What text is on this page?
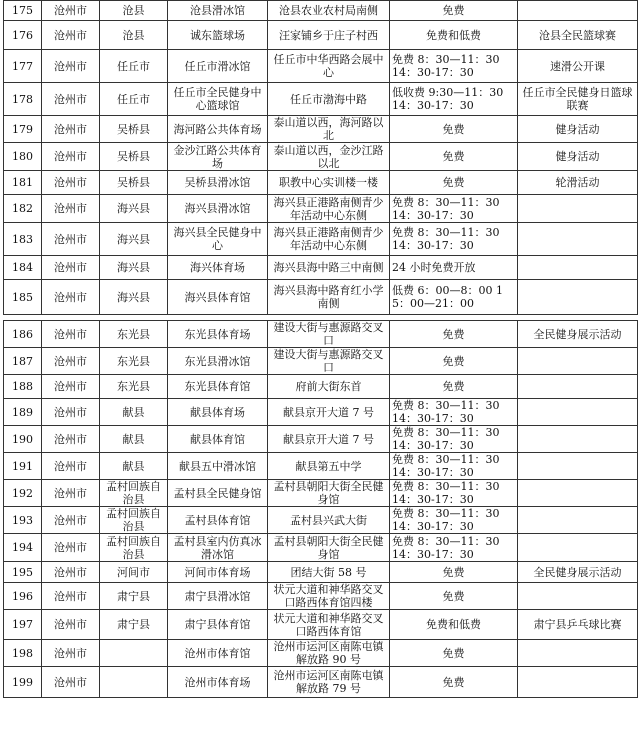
175	沧州市	沧县	沧县滑冰馆	沧县农业农村局南侧	免费	
176	沧州市	沧县	诚东篮球场	汪家铺乡于庄子村西	免费和低费	沧县全民篮球赛
177	沧州市	任丘市	任丘市滑冰馆	任丘市中华西路会展中心	免费 8：30—11：30　14：30-17：30	速滑公开课
178	沧州市	任丘市	任丘市全民健身中心篮球馆	任丘市渤海中路	低收费 9:30—11：30　14：30-17：30	任丘市全民健身日篮球联赛
179	沧州市	吴桥县	海河路公共体育场	泰山道以西，海河路以北	免费	健身活动
180	沧州市	吴桥县	金沙江路公共体育场	泰山道以西，金沙江路以北	免费	健身活动
181	沧州市	吴桥县	吴桥县滑冰馆	职教中心实训楼一楼	免费	轮滑活动
182	沧州市	海兴县	海兴县滑冰馆	海兴县正港路南侧青少年活动中心东侧	免费 8：30—11：30　14：30-17：30	
183	沧州市	海兴县	海兴县全民健身中心	海兴县正港路南侧青少年活动中心东侧	免费 8：30—11：30　14：30-17：30	
184	沧州市	海兴县	海兴体育场	海兴县海中路三中南侧	24 小时免费开放	
185	沧州市	海兴县	海兴县体育馆	海兴县海中路育红小学南侧	低费 6：00—8：00 15：00—21：00	
186	沧州市	东光县	东光县体育场	建设大街与惠源路交叉口	免费	全民健身展示活动
187	沧州市	东光县	东光县滑冰馆	建设大街与惠源路交叉口	免费	
188	沧州市	东光县	东光县体育馆	府前大街东首	免费	
189	沧州市	献县	献县体育场	献县京开大道 7 号	免费 8：30—11：30　14：30-17：30	
190	沧州市	献县	献县体育馆	献县京开大道 7 号	免费 8：30—11：30　14：30-17：30	
191	沧州市	献县	献县五中滑冰馆	献县第五中学	免费 8：30—11：30　14：30-17：30	
192	沧州市	孟村回族自治县	孟村县全民健身馆	孟村县朝阳大街全民健身馆	免费 8：30—11：30　14：30-17：30	
193	沧州市	孟村回族自治县	孟村县体育馆	孟村县兴武大街	免费 8：30—11：30　14：30-17：30	
194	沧州市	孟村回族自治县	孟村县室内仿真冰滑冰馆	孟村县朝阳大街全民健身馆	免费 8：30—11：30　14：30-17：30	
195	沧州市	河间市	河间市体育场	团结大街 58 号	免费	全民健身展示活动
196	沧州市	肃宁县	肃宁县滑冰馆	状元大道和神华路交叉口路西体育馆四楼	免费	
197	沧州市	肃宁县	肃宁县体育馆	状元大道和神华路交叉口路西体育馆	免费和低费	肃宁县乒乓球比赛
198	沧州市		沧州市体育馆	沧州市运河区南陈屯镇解放路 90 号	免费	
199	沧州市		沧州市体育场	沧州市运河区南陈屯镇解放路 79 号	免费	
